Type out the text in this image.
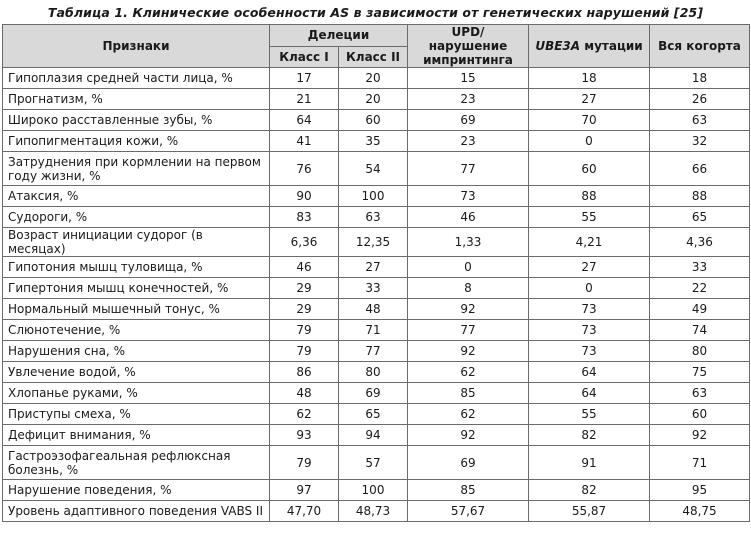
Таблица 1. Клинические особенности AS в зависимости от генетических нарушений [25]
Признаки	Делеции		UPD/нарушение импринтинга	UBE3A мутации	Вся когорта
	Класс I	Класс II			
Гипоплазия средней части лица, %	17	20	15	18	18
Прогнатизм, %	21	20	23	27	26
Широко расставленные зубы, %	64	60	69	70	63
Гипопигментация кожи, %	41	35	23	0	32
Затруднения при кормлении на первом году жизни, %	76	54	77	60	66
Атаксия, %	90	100	73	88	88
Судороги, %	83	63	46	55	65
Возраст инициации судорог (в месяцах)	6,36	12,35	1,33	4,21	4,36
Гипотония мышц туловища, %	46	27	0	27	33
Гипертония мышц конечностей, %	29	33	8	0	22
Нормальный мышечный тонус, %	29	48	92	73	49
Слюнотечение, %	79	71	77	73	74
Нарушения сна, %	79	77	92	73	80
Увлечение водой, %	86	80	62	64	75
Хлопанье руками, %	48	69	85	64	63
Приступы смеха, %	62	65	62	55	60
Дефицит внимания, %	93	94	92	82	92
Гастроэзофагеальная рефлюксная болезнь, %	79	57	69	91	71
Нарушение поведения, %	97	100	85	82	95
Уровень адаптивного поведения VABS II	47,70	48,73	57,67	55,87	48,75
